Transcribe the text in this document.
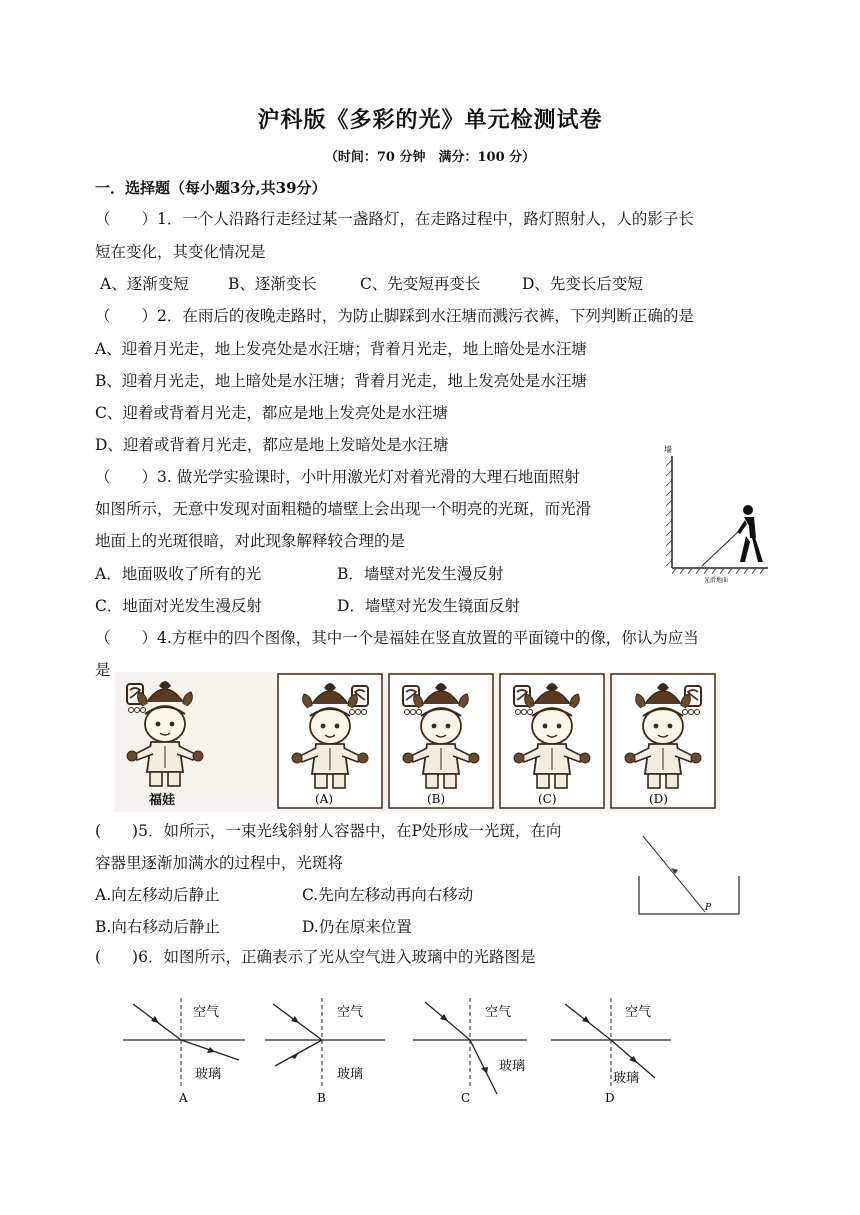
沪科版《多彩的光》单元检测试卷
（时间：70 分钟　满分：100 分）
一．选择题（每小题3分,共39分）
（　　）1．一个人沿路行走经过某一盏路灯，在走路过程中，路灯照射人，人的影子长
短在变化，其变化情况是
A、逐渐变短	B、逐渐变长	C、先变短再变长	D、先变长后变短
（　　）2．在雨后的夜晚走路时，为防止脚踩到水汪塘而溅污衣裤，下列判断正确的是
A、迎着月光走，地上发亮处是水汪塘；背着月光走，地上暗处是水汪塘
B、迎着月光走，地上暗处是水汪塘；背着月光走，地上发亮处是水汪塘
C、迎着或背着月光走，都应是地上发亮处是水汪塘
D、迎着或背着月光走，都应是地上发暗处是水汪塘
（　　）3. 做光学实验课时，小叶用激光灯对着光滑的大理石地面照射
如图所示，无意中发现对面粗糙的墙壁上会出现一个明亮的光斑，而光滑
地面上的光斑很暗，对此现象解释较合理的是
A．地面吸收了所有的光	B．墙壁对光发生漫反射
C．地面对光发生漫反射	D．墙壁对光发生镜面反射
墙
光滑地面
（　　）4.方框中的四个图像，其中一个是福娃在竖直放置的平面镜中的像，你认为应当
是
福娃	(A)	(B)	(C)	(D)
(　　)5．如所示，一束光线斜射人容器中，在P处形成一光斑，在向
容器里逐渐加满水的过程中，光斑将
A.向左移动后静止	C.先向左移动再向右移动
B.向右移动后静止	D.仍在原来位置
P
(　　)6．如图所示，正确表示了光从空气进入玻璃中的光路图是
空气
玻璃
A
空气
玻璃
B
空气
玻璃
C
空气
玻璃
D
